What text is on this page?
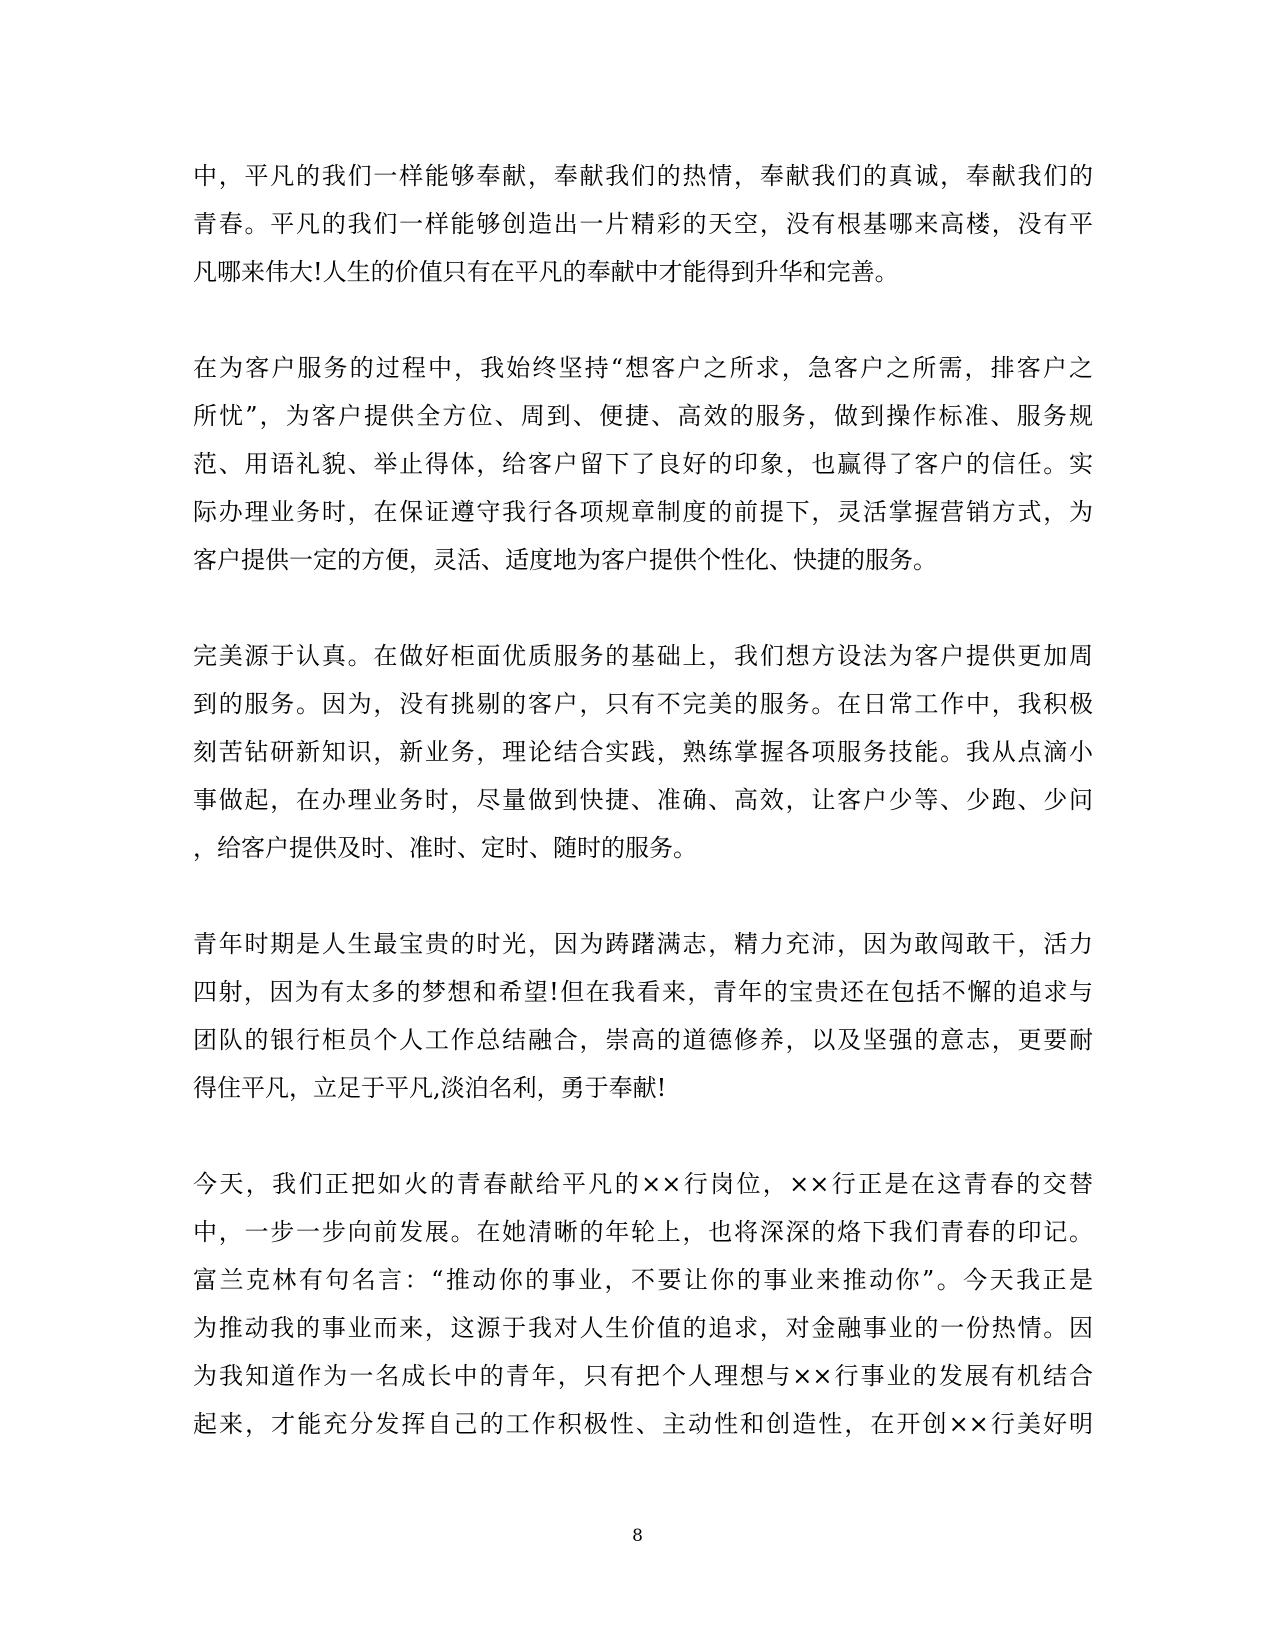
中，平凡的我们一样能够奉献，奉献我们的热情，奉献我们的真诚，奉献我们的
青春。平凡的我们一样能够创造出一片精彩的天空，没有根基哪来高楼，没有平
凡哪来伟大!人生的价值只有在平凡的奉献中才能得到升华和完善。

在为客户服务的过程中，我始终坚持“想客户之所求，急客户之所需，排客户之
所忧”，为客户提供全方位、周到、便捷、高效的服务，做到操作标准、服务规
范、用语礼貌、举止得体，给客户留下了良好的印象，也赢得了客户的信任。实
际办理业务时，在保证遵守我行各项规章制度的前提下，灵活掌握营销方式，为
客户提供一定的方便，灵活、适度地为客户提供个性化、快捷的服务。

完美源于认真。在做好柜面优质服务的基础上，我们想方设法为客户提供更加周
到的服务。因为，没有挑剔的客户，只有不完美的服务。在日常工作中，我积极
刻苦钻研新知识，新业务，理论结合实践，熟练掌握各项服务技能。我从点滴小
事做起，在办理业务时，尽量做到快捷、准确、高效，让客户少等、少跑、少问
，给客户提供及时、准时、定时、随时的服务。

青年时期是人生最宝贵的时光，因为踌躇满志，精力充沛，因为敢闯敢干，活力
四射，因为有太多的梦想和希望!但在我看来，青年的宝贵还在包括不懈的追求与
团队的银行柜员个人工作总结融合，崇高的道德修养，以及坚强的意志，更要耐
得住平凡，立足于平凡,淡泊名利，勇于奉献!

今天，我们正把如火的青春献给平凡的××行岗位，××行正是在这青春的交替
中，一步一步向前发展。在她清晰的年轮上，也将深深的烙下我们青春的印记。
富兰克林有句名言：“推动你的事业，不要让你的事业来推动你”。今天我正是
为推动我的事业而来，这源于我对人生价值的追求，对金融事业的一份热情。因
为我知道作为一名成长中的青年，只有把个人理想与××行事业的发展有机结合
起来，才能充分发挥自己的工作积极性、主动性和创造性，在开创××行美好明

8
